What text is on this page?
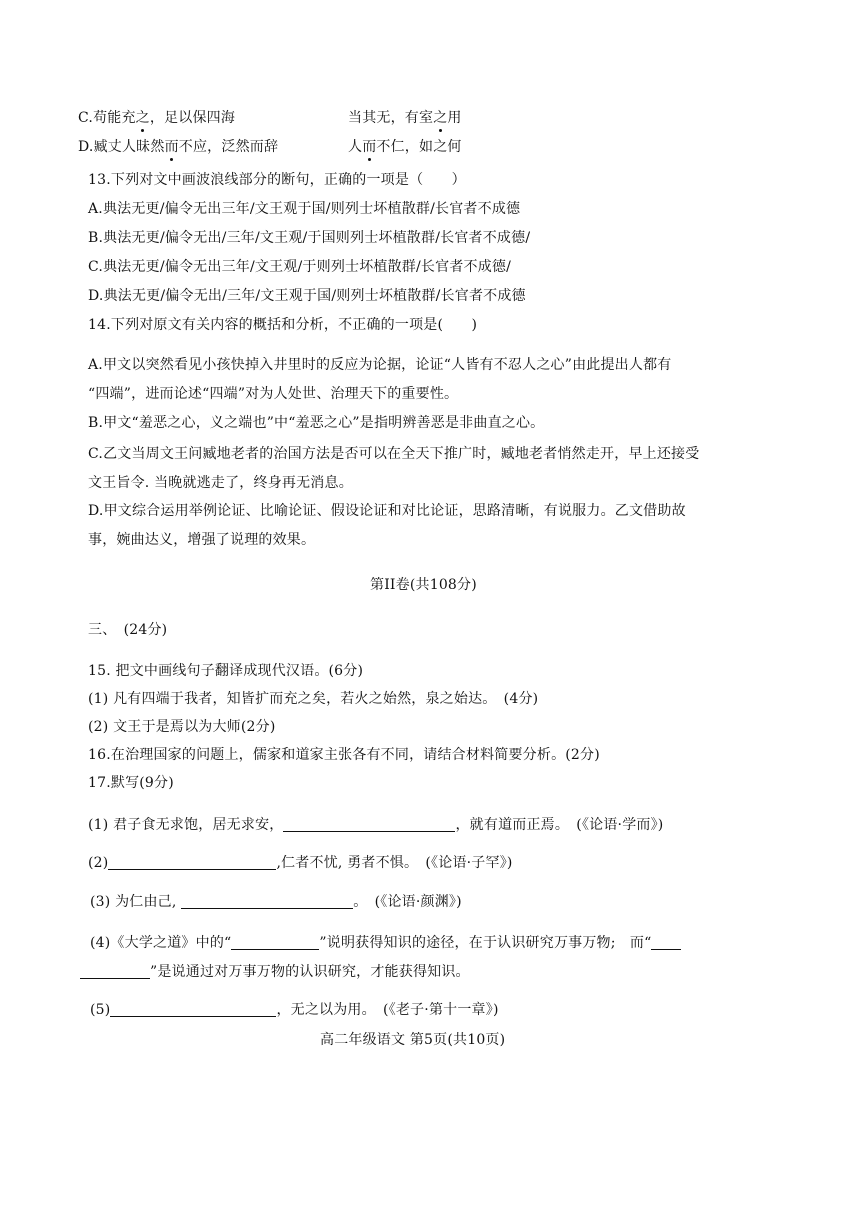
C.苟能充之，足以保四海	当其无，有室之用
D.臧丈人昧然而不应，泛然而辞	人而不仁，如之何
13.下列对文中画波浪线部分的断句，正确的一项是（　　）
A.典法无更/偏令无出三年/文王观于国/则列士坏植散群/长官者不成德
B.典法无更/偏令无出/三年/文王观/于国则列士坏植散群/长官者不成德/
C.典法无更/偏令无出三年/文王观/于则列士坏植散群/长官者不成德/
D.典法无更/偏令无出/三年/文王观于国/则列士坏植散群/长官者不成德
14.下列对原文有关内容的概括和分析，不正确的一项是(　　)
A.甲文以突然看见小孩快掉入井里时的反应为论据，论证“人皆有不忍人之心”由此提出人都有
“四端”，进而论述“四端”对为人处世、治理天下的重要性。
B.甲文“羞恶之心，义之端也”中“羞恶之心”是指明辨善恶是非曲直之心。
C.乙文当周文王问臧地老者的治国方法是否可以在全天下推广时，臧地老者悄然走开，早上还接受
文王旨令. 当晚就逃走了，终身再无消息。
D.甲文综合运用举例论证、比喻论证、假设论证和对比论证，思路清晰，有说服力。乙文借助故
事，婉曲达义，增强了说理的效果。
第II卷(共108分)
三、　(24分)
15. 把文中画线句子翻译成现代汉语。(6分)
(1) 凡有四端于我者，知皆扩而充之矣，若火之始然，泉之始达。　(4分)
(2) 文王于是焉以为大师(2分)
16.在治理国家的问题上，儒家和道家主张各有不同，请结合材料简要分析。(2分)
17.默写(9分)
(1) 君子食无求饱，居无求安，	，就有道而正焉。　(《论语·学而》)
(2)	,仁者不忧, 勇者不惧。　(《论语·子罕》)
(3) 为仁由己,	。　(《论语·颜渊》)
(4)《大学之道》中的“	”说明获得知识的途径，在于认识研究万事万物;　而“
”是说通过对万事万物的认识研究，才能获得知识。
(5)	，无之以为用。　(《老子·第十一章》)
高二年级语文 第5页(共10页)
